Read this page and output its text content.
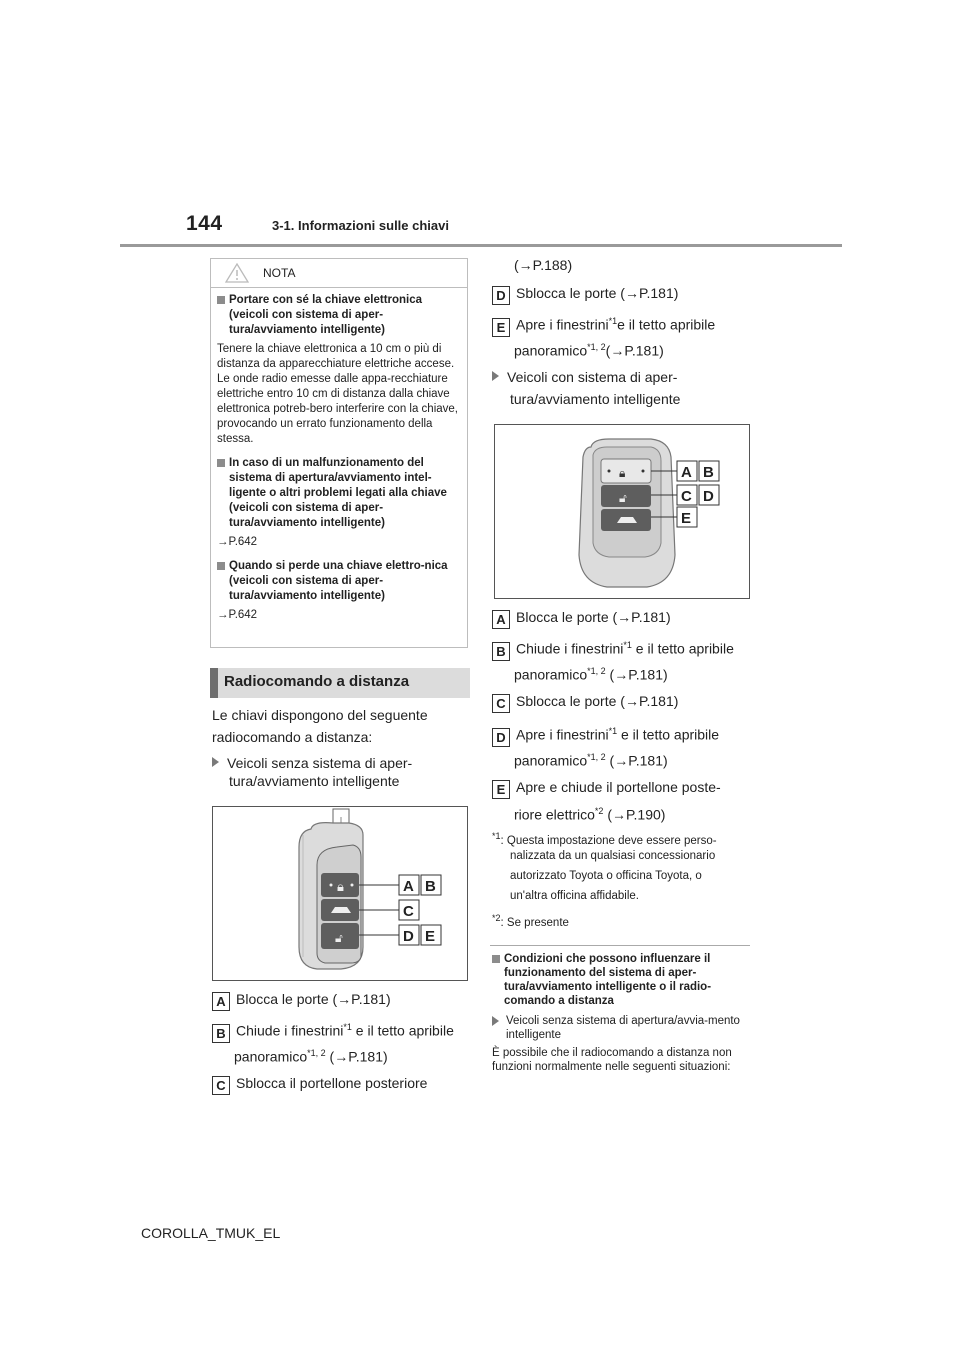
144	3-1. Informazioni sulle chiavi
NOTA
Portare con sé la chiave elettronica (veicoli con sistema di aper-tura/avviamento intelligente)
Tenere la chiave elettronica a 10 cm o più di distanza da apparecchiature elettriche accese. Le onde radio emesse dalle appa-recchiature elettriche entro 10 cm di distanza dalla chiave elettronica potreb-bero interferire con la chiave, provocando un errato funzionamento della stessa.
In caso di un malfunzionamento del sistema di apertura/avviamento intel-ligente o altri problemi legati alla chiave (veicoli con sistema di aper-tura/avviamento intelligente)
→P.642
Quando si perde una chiave elettro-nica (veicoli con sistema di aper-tura/avviamento intelligente)
→P.642
Radiocomando a distanza
Le chiavi dispongono del seguente
radiocomando a distanza:
Veicoli senza sistema di aper-
tura/avviamento intelligente
🔒︎
🔓︎
A B
C
D E
A Blocca le porte (→P.181)
B Chiude i finestrini$^{*1}$ e il tetto apribile
panoramico$^{*1, 2}$ (→P.181)
C Sblocca il portellone posteriore
(→P.188)
D Sblocca le porte (→P.181)
E Apre i finestrini$^{*1}$e il tetto apribile
panoramico$^{*1, 2}$(→P.181)
Veicoli con sistema di aper-
tura/avviamento intelligente
🔒︎
🔓︎
A B
C D
E
A Blocca le porte (→P.181)
B Chiude i finestrini$^{*1}$ e il tetto apribile
panoramico$^{*1, 2}$ (→P.181)
C Sblocca le porte (→P.181)
D Apre i finestrini$^{*1}$ e il tetto apribile
panoramico$^{*1, 2}$ (→P.181)
E Apre e chiude il portellone poste-
riore elettrico$^{*2}$ (→P.190)
$^{*1}$: Questa impostazione deve essere perso-
nalizzata da un qualsiasi concessionario
autorizzato Toyota o officina Toyota, o
un'altra officina affidabile.
$^{*2}$: Se presente
Condizioni che possono influenzare il funzionamento del sistema di aper-tura/avviamento intelligente o il radio-comando a distanza
Veicoli senza sistema di apertura/avvia-mento intelligente
È possibile che il radiocomando a distanza non funzioni normalmente nelle seguenti situazioni:
COROLLA_TMUK_EL
